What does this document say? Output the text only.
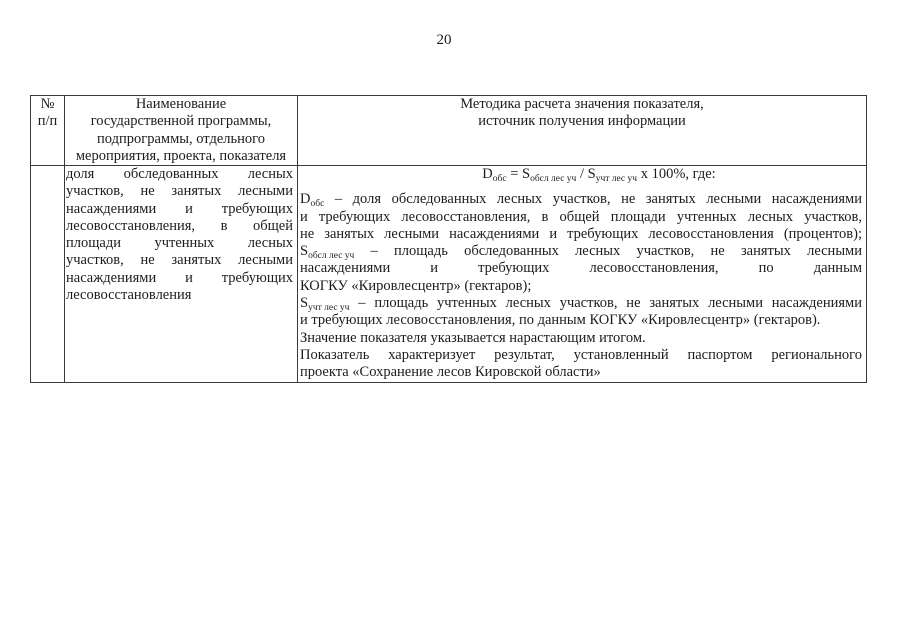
20
№
п/п
Наименование
государственной программы,
подпрограммы, отдельного
мероприятия, проекта, показателя
Методика расчета значения показателя,
источник получения информации
доля обследованных лесных
участков, не занятых лесными
насаждениями и требующих
лесовосстановления, в общей
площади учтенных лесных
участков, не занятых лесными
насаждениями и требующих
лесовосстановления
Dобс = Sобсл лес уч / Sучт лес уч x 100%, где:
Dобс – доля обследованных лесных участков, не занятых лесными насаждениями
и требующих лесовосстановления, в общей площади учтенных лесных участков,
не занятых лесными насаждениями и требующих лесовосстановления (процентов);
Sобсл лес уч – площадь обследованных лесных участков, не занятых лесными
насаждениями и требующих лесовосстановления, по данным
КОГКУ «Кировлесцентр» (гектаров);
Sучт лес уч – площадь учтенных лесных участков, не занятых лесными насаждениями
и требующих лесовосстановления, по данным КОГКУ «Кировлесцентр» (гектаров).
Значение показателя указывается нарастающим итогом.
Показатель характеризует результат, установленный паспортом регионального
проекта «Сохранение лесов Кировской области»
